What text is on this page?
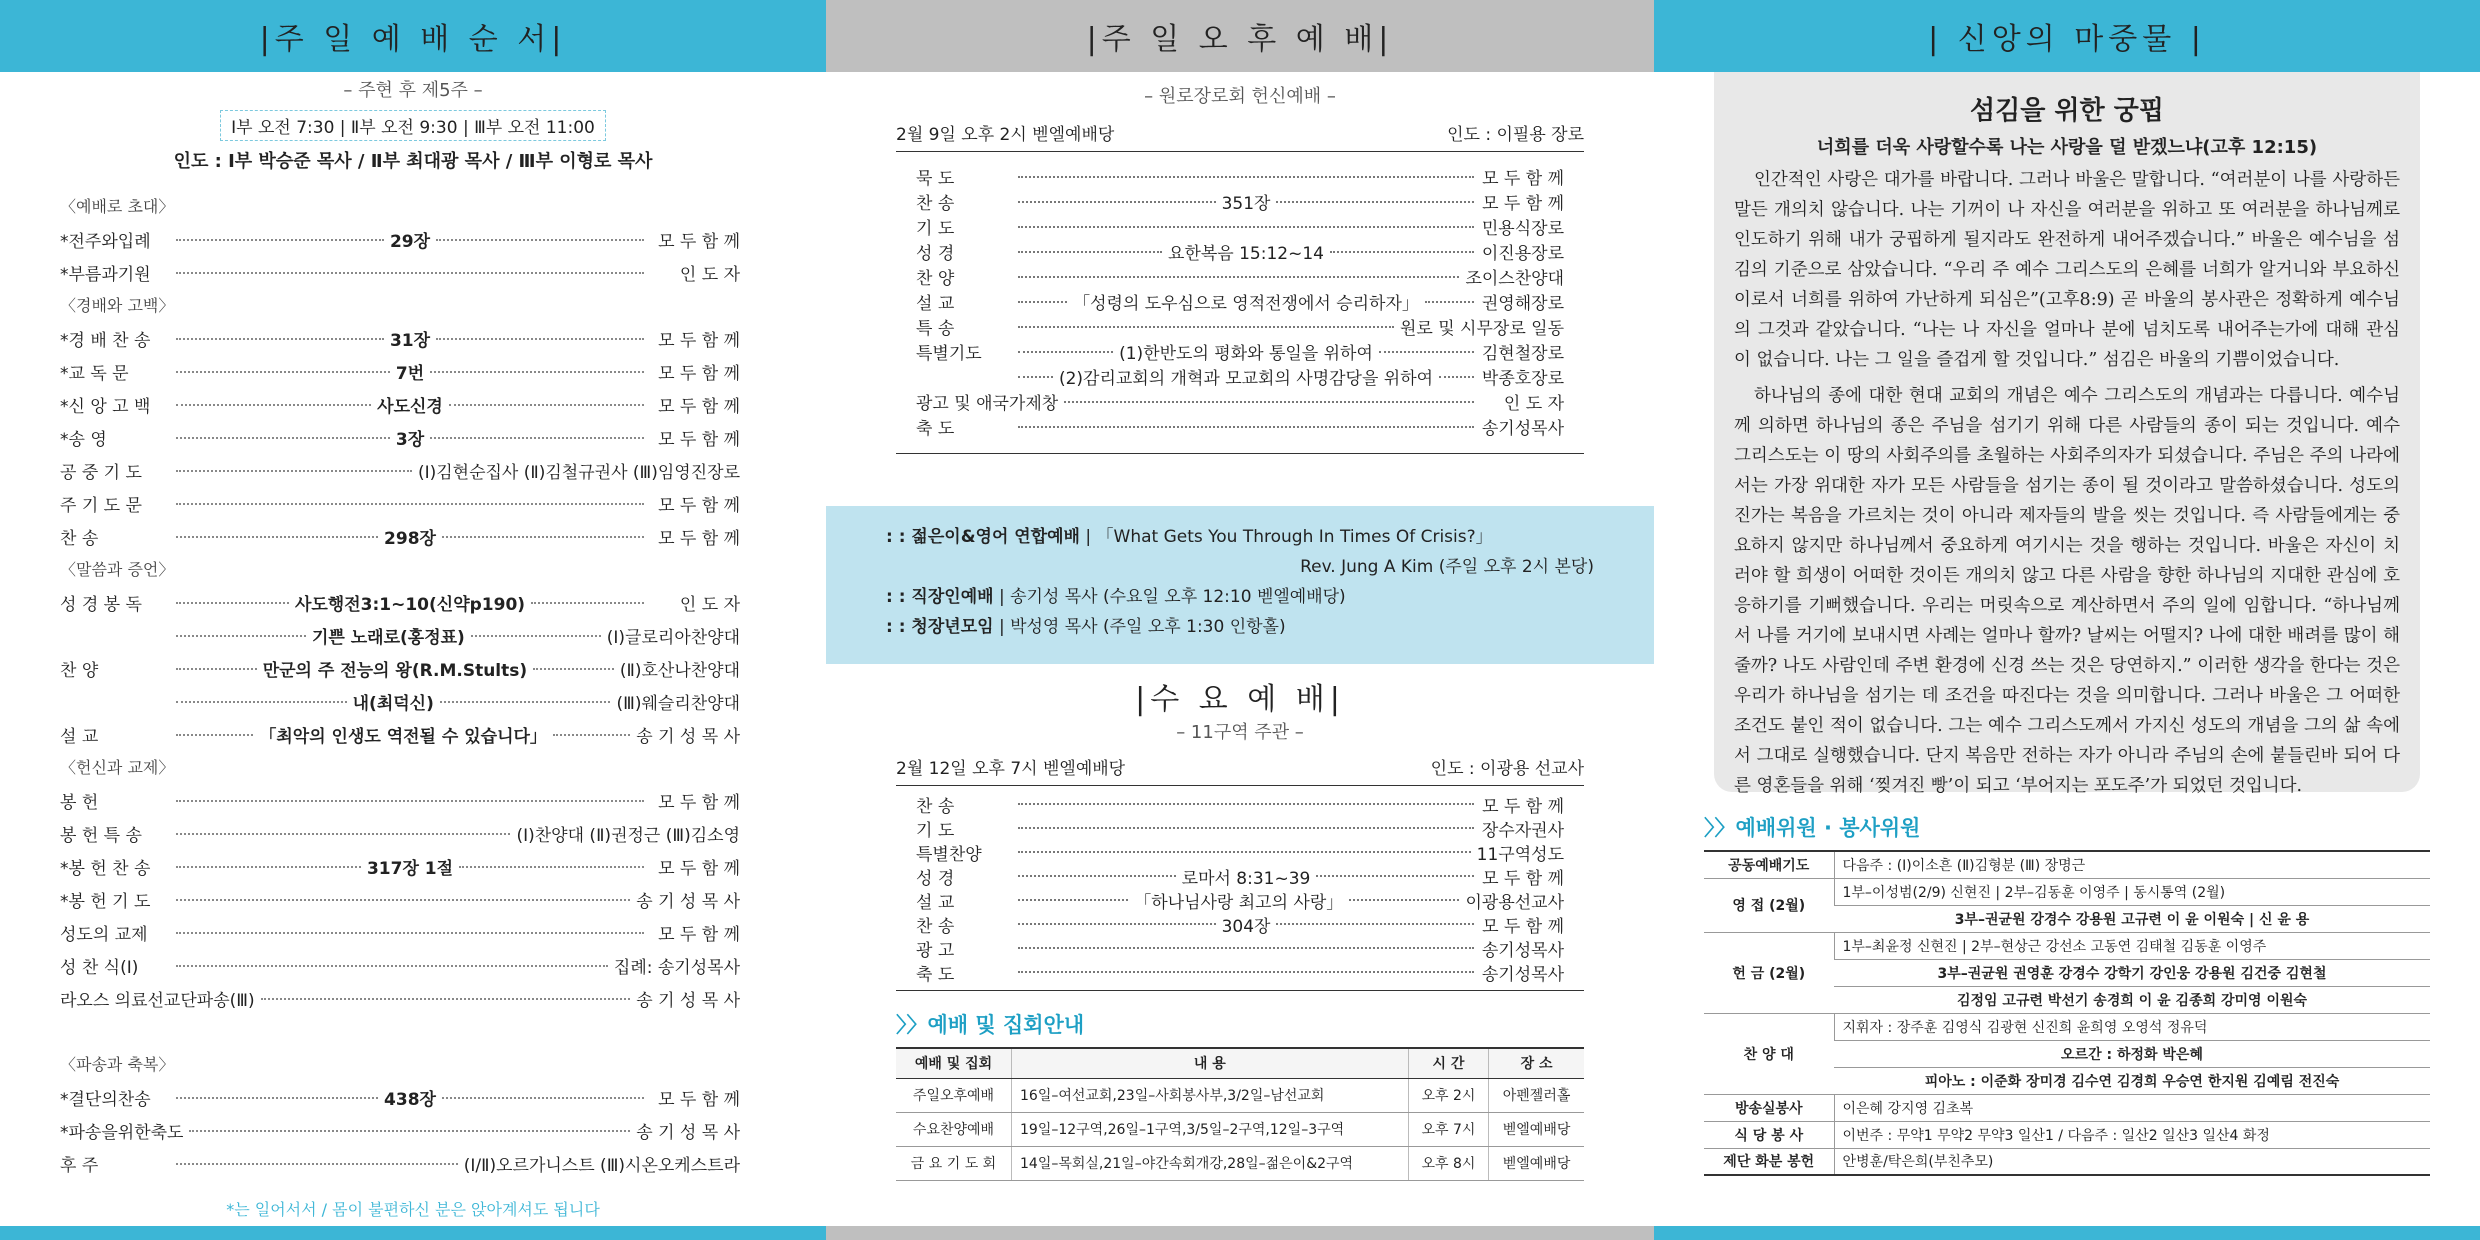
|주 일 예 배 순 서|
– 주현 후 제5주 –
Ⅰ부 오전 7:30 | Ⅱ부 오전 9:30 | Ⅲ부 오전 11:00
인도 : Ⅰ부 박승준 목사 / Ⅱ부 최대광 목사 / Ⅲ부 이형로 목사
〈예배로 초대〉
*전주와입례	29장	모 두 함 께
*부름과기원	인 도 자
〈경배와 고백〉
*경 배 찬 송	31장	모 두 함 께
*교 독 문	7번	모 두 함 께
*신 앙 고 백	사도신경	모 두 함 께
*송 영	3장	모 두 함 께
공 중 기 도	(Ⅰ)김현순집사 (Ⅱ)김철규권사 (Ⅲ)임영진장로
주 기 도 문	모 두 함 께
찬 송	298장	모 두 함 께
〈말씀과 증언〉
성 경 봉 독	사도행전3:1~10(신약p190)	인 도 자
기쁜 노래로(홍정표)	(Ⅰ)글로리아찬양대
찬 양	만군의 주 전능의 왕(R.M.Stults)	(Ⅱ)호산나찬양대
내(최덕신)	(Ⅲ)웨슬리찬양대
설 교	「최악의 인생도 역전될 수 있습니다」	송 기 성 목 사
〈헌신과 교제〉
봉 헌	모 두 함 께
봉 헌 특 송	(Ⅰ)찬양대 (Ⅱ)권정근 (Ⅲ)김소영
*봉 헌 찬 송	317장 1절	모 두 함 께
*봉 헌 기 도	송 기 성 목 사
성도의 교제	모 두 함 께
성 찬 식(Ⅰ)	집례: 송기성목사
라오스 의료선교단파송(Ⅲ)	송 기 성 목 사
〈파송과 축복〉
*결단의찬송	438장	모 두 함 께
*파송을위한축도	송 기 성 목 사
후 주	(Ⅰ/Ⅱ)오르가니스트 (Ⅲ)시온오케스트라
*는 일어서서 / 몸이 불편하신 분은 앉아계셔도 됩니다
|주 일 오 후 예 배|
– 원로장로회 헌신예배 –
2월 9일 오후 2시 벧엘예배당	인도 : 이필용 장로
묵 도	모 두 함 께
찬 송	351장	모 두 함 께
기 도	민용식장로
성 경	요한복음 15:12~14	이진용장로
찬 양	조이스찬양대
설 교	「성령의 도우심으로 영적전쟁에서 승리하자」	권영해장로
특 송	원로 및 시무장로 일동
특별기도	(1)한반도의 평화와 통일을 위하여	김현철장로
(2)감리교회의 개혁과 모교회의 사명감당을 위하여	박종호장로
광고 및 애국가제창	인 도 자
축 도	송기성목사
: : 젊은이&영어 연합예배 | 「What Gets You Through In Times Of Crisis?」
Rev. Jung A Kim (주일 오후 2시 본당)
: : 직장인예배 | 송기성 목사 (수요일 오후 12:10 벧엘예배당)
: : 청장년모임 | 박성영 목사 (주일 오후 1:30 인항홀)
|수 요 예 배|
– 11구역 주관 –
2월 12일 오후 7시 벧엘예배당	인도 : 이광용 선교사
찬 송	모 두 함 께
기 도	장수자권사
특별찬양	11구역성도
성 경	로마서 8:31~39	모 두 함 께
설 교	「하나님사랑 최고의 사랑」	이광용선교사
찬 송	304장	모 두 함 께
광 고	송기성목사
축 도	송기성목사
〉〉예배 및 집회안내
예배 및 집회	내 용	시 간	장 소
주일오후예배	16일–여선교회,23일–사회봉사부,3/2일–남선교회	오후 2시	아펜젤러홀
수요찬양예배	19일–12구역,26일–1구역,3/5일–2구역,12일–3구역	오후 7시	벧엘예배당
금 요 기 도 회	14일–목회실,21일–야간속회개강,28일–젊은이&2구역	오후 8시	벧엘예배당
| 신앙의 마중물 |
섬김을 위한 궁핍
너희를 더욱 사랑할수록 나는 사랑을 덜 받겠느냐(고후 12:15)

인간적인 사랑은 대가를 바랍니다. 그러나 바울은 말합니다. “여러분이 나를 사랑하든 말든 개의치 않습니다. 나는 기꺼이 나 자신을 여러분을 위하고 또 여러분을 하나님께로 인도하기 위해 내가 궁핍하게 될지라도 완전하게 내어주겠습니다.” 바울은 예수님을 섬김의 기준으로 삼았습니다. “우리 주 예수 그리스도의 은혜를 너희가 알거니와 부요하신 이로서 너희를 위하여 가난하게 되심은”(고후8:9) 곧 바울의 봉사관은 정확하게 예수님의 그것과 같았습니다. “나는 나 자신을 얼마나 분에 넘치도록 내어주는가에 대해 관심이 없습니다. 나는 그 일을 즐겁게 할 것입니다.” 섬김은 바울의 기쁨이었습니다.

하나님의 종에 대한 현대 교회의 개념은 예수 그리스도의 개념과는 다릅니다. 예수님께 의하면 하나님의 종은 주님을 섬기기 위해 다른 사람들의 종이 되는 것입니다. 예수 그리스도는 이 땅의 사회주의를 초월하는 사회주의자가 되셨습니다. 주님은 주의 나라에서는 가장 위대한 자가 모든 사람들을 섬기는 종이 될 것이라고 말씀하셨습니다. 성도의 진가는 복음을 가르치는 것이 아니라 제자들의 발을 씻는 것입니다. 즉 사람들에게는 중요하지 않지만 하나님께서 중요하게 여기시는 것을 행하는 것입니다. 바울은 자신이 치러야 할 희생이 어떠한 것이든 개의치 않고 다른 사람을 향한 하나님의 지대한 관심에 호응하기를 기뻐했습니다. 우리는 머릿속으로 계산하면서 주의 일에 임합니다. “하나님께서 나를 거기에 보내시면 사례는 얼마나 할까? 날씨는 어떨지? 나에 대한 배려를 많이 해줄까? 나도 사람인데 주변 환경에 신경 쓰는 것은 당연하지.” 이러한 생각을 한다는 것은 우리가 하나님을 섬기는 데 조건을 따진다는 것을 의미합니다. 그러나 바울은 그 어떠한 조건도 붙인 적이 없습니다. 그는 예수 그리스도께서 가지신 성도의 개념을 그의 삶 속에서 그대로 실행했습니다. 단지 복음만 전하는 자가 아니라 주님의 손에 붙들린바 되어 다른 영혼들을 위해 ‘찢겨진 빵’이 되고 ‘부어지는 포도주’가 되었던 것입니다.

〉〉예배위원 · 봉사위원
공동예배기도	다음주 : (Ⅰ)이소흔 (Ⅱ)김형분 (Ⅲ) 장명근
영 접 (2월)	1부–이성범(2/9) 신현진 | 2부–김동훈 이영주 | 동시통역 (2월)
	3부–권균원 강경수 강용원 고규련 이 윤 이원숙 | 신 윤 용
헌 금 (2월)	1부–최윤정 신현진 | 2부–현상근 강선소 고동연 김태철 김동훈 이영주
	3부–권균원 권영훈 강경수 강학기 강인웅 강용원 김건중 김현철
	김정임 고규련 박선기 송경희 이 윤 김종희 강미영 이원숙
찬 양 대	지휘자 : 장주훈 김영식 김광현 신진희 윤희영 오영석 정유덕
	오르간 : 하정화 박은혜
	피아노 : 이준화 장미경 김수연 김경희 우승연 한지원 김예림 전진숙
방송실봉사	이은혜 강지영 김초복
식 당 봉 사	이번주 : 무약1 무약2 무약3 일산1 / 다음주 : 일산2 일산3 일산4 화정
제단 화분 봉헌	안병훈/탁은희(부친추모)
